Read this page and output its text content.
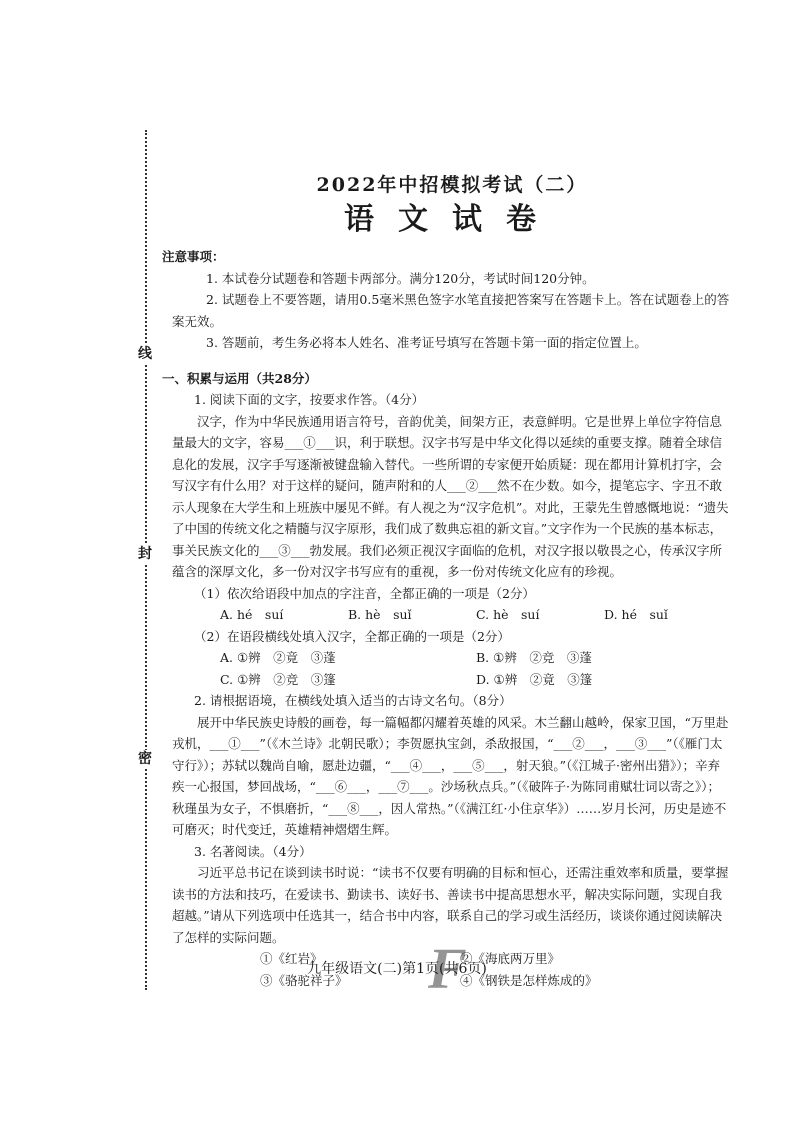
线
封
密

2022年中招模拟考试（二）

语文试卷

注意事项：

1. 本试卷分试题卷和答题卡两部分。满分120分，考试时间120分钟。

2. 试题卷上不要答题，请用0.5毫米黑色签字水笔直接把答案写在答题卡上。答在试题卷上的答案无效。

3. 答题前，考生务必将本人姓名、准考证号填写在答题卡第一面的指定位置上。

一、积累与运用（共28分）

1. 阅读下面的文字，按要求作答。（4分）

汉字，作为中华民族通用语言符号，音韵优美，间架方正，表意鲜明。它是世界上单位字符信息量最大的文字，容易___①___识，利于联想。汉字书写是中华文化得以延续的重要支撑。随着全球信息化的发展，汉字手写逐渐被键盘输入替代。一些所谓的专家便开始质疑：现在都用计算机打字，会写汉字有什么用？对于这样的疑问，随声附和的人___②___然不在少数。如今，提笔忘字、字丑不敢示人现象在大学生和上班族中屡见不鲜。有人视之为“汉字危机”。对此，王蒙先生曾感慨地说：“遗失了中国的传统文化之精髓与汉字原形，我们成了数典忘祖的新文盲。”文字作为一个民族的基本标志，事关民族文化的___③___勃发展。我们必须正视汉字面临的危机，对汉字报以敬畏之心，传承汉字所蕴含的深厚文化，多一份对汉字书写应有的重视，多一份对传统文化应有的珍视。

（1）依次给语段中加点的字注音，全都正确的一项是（2分）

A. hé　suí	B. hè　suǐ	C. hè　suí	D. hé　suǐ

（2）在语段横线处填入汉字，全都正确的一项是（2分）

A. ①辨　②竟　③蓬	B. ①辨　②竞　③蓬
C. ①辨　②竞　③篷	D. ①辨　②竟　③篷

2. 请根据语境，在横线处填入适当的古诗文名句。（8分）

展开中华民族史诗般的画卷，每一篇幅都闪耀着英雄的风采。木兰翻山越岭，保家卫国，“万里赴戎机，___①___”（《木兰诗》北朝民歌）；李贺愿执宝剑，杀敌报国，“___②___，___③___”（《雁门太守行》）；苏轼以魏尚自喻，愿赴边疆，“___④___，___⑤___，射天狼。”（《江城子·密州出猎》）；辛弃疾一心报国，梦回战场，“___⑥___，___⑦___。沙场秋点兵。”（《破阵子·为陈同甫赋壮词以寄之》）；秋瑾虽为女子，不惧磨折，“___⑧___，因人常热。”（《满江红·小住京华》）……岁月长河，历史是迹不可磨灭；时代变迁，英雄精神熠熠生辉。

3. 名著阅读。（4分）

习近平总书记在谈到读书时说：“读书不仅要有明确的目标和恒心，还需注重效率和质量，要掌握读书的方法和技巧，在爱读书、勤读书、读好书、善读书中提高思想水平，解决实际问题，实现自我超越。”请从下列选项中任选其一，结合书中内容，联系自己的学习或生活经历，谈谈你通过阅读解决了怎样的实际问题。

①《红岩》	②《海底两万里》
③《骆驼祥子》	④《钢铁是怎样炼成的》
F
九年级语文(二)第1页(共6页)
